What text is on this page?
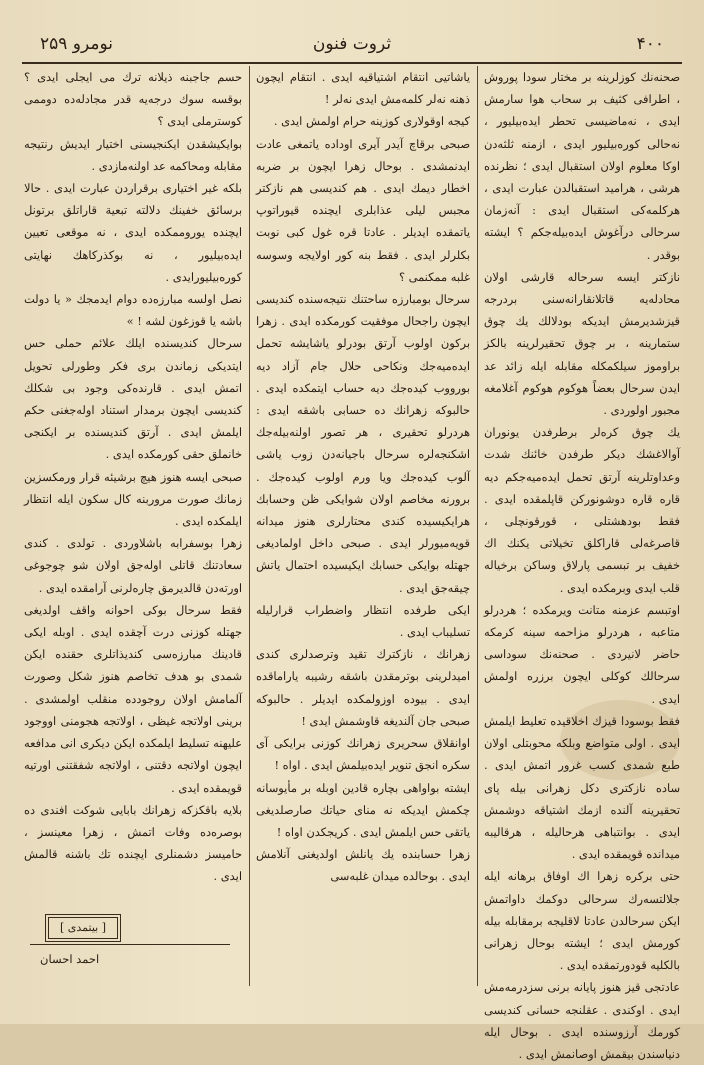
نومرو ۲۵۹	ثروت فنون	۴۰۰

صحنه‌نك کوزلرینه بر مختار سودا پوروش ، اطرافی کثیف بر سحاب هوا سارمش ایدی ، نه‌ماضیسی تحطر ایده‌بیلیور ، نه‌حالی کوره‌بیلیور ایدی ، ازمنه ثلثه‌دن اوکا معلوم اولان استقبال ایدی ؛ نظرنده هرشی ، هرامید استقبالدن عبارت ایدی ، هرکلمه‌کی استقبال ایدی : آنه‌زمان سرحالی درآغوش ایده‌بیله‌جکم ؟ ایشته بوقدر .

نازکتر ایسه سرحاله قارشی اولان محادله‌یه قاتلانقارانه‌سنی بردرجه قیزشدیرمش ایدیکه بودلالك یك چوق ستمارینه ، بر چوق تحقیرلرینه بالکز براوموز سیلکمکله مقابله ایله زائد عد ایدن سرحال بعضاً هوکوم هوکوم آغلامغه مجبور اولوردی .

یك چوق کره‌لر برطرفدن یونوران آوالاغشك دیکر طرفدن خائنك شدت وعداوتلرینه آرتق تحمل ایده‌میه‌جکم دیه قاره قاره دوشونورکن قاپلمقده ایدی . فقط بودهشتلی ، قورقونچلی ، قاصرغه‌لی قاراکلق تخیلاتی یکنك اك خفیف بر تبسمی پارلاق وساکن برخیاله قلب ایدی وبرمکده ایدی .

اوتبسم عزمنه متانت ویرمکده ؛ هردرلو متاعبه ، هردرلو مزاحمه سینه کرمکه حاضر لانیردی . صحنه‌نك سوداسی سرحالك کوکلی ایچون برزره اولمش ایدی .

فقط بوسودا قیزك اخلاقیده تعلیط ایلمش ایدی . اولی متواضع وبلکه محوبتلی اولان طبع شمدی کسب غرور اتمش ایدی . ساده نازکتری دکل زهرانی بیله پای تحقیرینه آلنده ازمك اشتیاقه دوشمش ایدی . بوانتباهی هرحالیله ، هرقالیبه میدانده قویمقده ایدی .

حتی برکره زهرا اك اوفاق برهانه ایله جلالتسه‌رك سرحالی دوکمك داواتمش ایکن سرحالدن عادتا لاقلیجه برمقابله بیله کورمش ایدی ؛ ایشته بوحال زهرانی بالکلیه قودورتمقده ایدی .

عادتجی قیز هنوز پایانه برنی سزدرمه‌مش ایدی . اوکندی . عقلنجه حسانی کندیسی کورمك آرزوسنده ایدی . بوحال ایله دنیاسندن بیقمش اوصانمش ایدی .

یاشاتیی انتقام اشتیاقیه ایدی . انتقام ایچون ذهنه نه‌لر کلمه‌مش ایدی نه‌لر !

کیجه اوقولاری کوزینه حرام اولمش ایدی .

صبحی برقاچ آیدر آیری اوداده یاتمغی عادت ایدنمشدی . بوحال زهرا ایچون بر ضربه اخطار دیمك ایدی . هم کندیسی هم نازکتر مجبس لیلی عذابلری ایچنده قیوراتوپ یاتمقده ایدیلر . عادتا قره غول کبی نوبت بکلرلر ایدی . فقط بنه کور اولایجه وسوسه غلبه ممکنمی ؟

سرحال بومبارزه ساحتنك نتیجه‌سنده کندیسی ایچون راجحال موفقیت کورمکده ایدی . زهرا برکون اولوب آرتق بودرلو یاشایشه تحمل ایده‌میه‌جك ونکاحی حلال جام آزاد دیه بورووب کیده‌جك دیه حساب ایتمکده ایدی . حالبوکه زهرانك ده حسابی باشقه ایدی : هردرلو تحقیری ، هر تصور اولنه‌بیله‌جك اشکنجه‌لره سرحال باجیانه‌دن زوب یاشی آلوب کیده‌جك ویا ورم اولوب کیده‌جك . برورنه مخاصم اولان شوایکی ظن وحسابك هرایکیسیده کندی محتارلری هنوز میدانه قویه‌میورلر ایدی . صبحی داخل اولمادیغی جهتله بوایکی حسابك ایکیسیده احتمال یاتش چیقه‌جق ایدی .

ایکی طرفده انتظار واضطراب قرارلیله تسلیباب ایدی .

زهرانك ، نازکترك تقید وترصدلری کندی امیدلرینی بوترمقدن باشقه رشیبه یاراماقده ایدی . بیوده اوزولمکده ایدیلر . حالبوکه صبحی جان آلندیغه قاوشمش ایدی !

اوانقلاق سحریری زهرانك کوزنی برایکی آی سکره انجق تنویر ایده‌بیلمش ایدی . اواه !

ایشته بواواهی بچاره قادین اوبله بر مأیوسانه چکمش ایدیکه نه منای حیاتك صارصلدیغی یاتقی حس ایلمش ایدی . کریجکدن اواه !

زهرا حسابنده یك یانلش اولدیغنی آنلامش ایدی . بوحالده میدان غلبه‌سی

حسم جاجبنه ذیلانه ترك مى ایجلى ایدى ؟ بوقسه سوك درجه‌یه قدر مجادله‌ده دوممى کوسترملى ایدى ؟

بوایکیشقدن ایکنجیسنى اختیار ایدیش رنتیجه مقابله ومحاکمه عد اولنه‌مازدى .

بلکه غیر اختیاری برقراردن عبارت ایدى . حالا برسائق خفینك دلالته تبعیة قاراتلق برتونل ایچنده یوروممکده ایدى ، نه موقعى تعیین ایده‌بیلیور ، نه بوکذرکاهك نهایتى کوره‌بیلیورایدى .

نصل اولسه مبارزه‌ده دوام ایدمجك « يا دولت باشه يا قوزغون لشه ! »

سرحال کندیسنده ایلك علائم حملى حس ایتدیکى زماندن برى فکر وطورلی تحویل اتمش ایدى . قارنده‌کى وجود بى شکلك کندیسى ایچون برمدار استناد اوله‌جغنى حکم ایلمش ایدى . آرتق کندیسنده بر ایکنجى خانملق حقى کورمکده ایدى .

صبحى ایسه هنوز هیچ برشیئه قرار ورمکسزین زمانك صورت مروربنه کال سکون ایله انتظار ایلمکده ایدى .

زهرا بوسفرابه باشلاوردى . تولدى . کندى سعادتنك قاتلى اوله‌جق اولان شو چوجوغى اورته‌دن قالدیرمق چاره‌لرنى آرامقده ایدى .

فقط سرحال بوکى احوانه واقف اولدیغى جهتله کوزنى درت آچقده ایدى . اوبله ایکى قادینك مبارزه‌سى کندیذاتلرى حقنده ایکن شمدى بو هدف تخاصم هنوز شکل وصورت آلمامش اولان روجودده منقلب اولمشدى . برینى اولاتجه غیظى ، اولاتجه هجومنى اووجود علیهنه تسلیط ایلمکده ایکن دیکرى انى مدافعه ایچون اولاتجه دقتنى ، اولاتجه شفقتنى اورتیه قویمقده ایدى .

بلایه باقکزکه زهرانك بابایى شوکت افندى ده بوصره‌ده وفات اتمش ، زهرا معینسز ، حامیسز دشمنلرى ایچنده تك باشنه قالمش ایدى .

[ بیتمدى ]
احمد احسان
